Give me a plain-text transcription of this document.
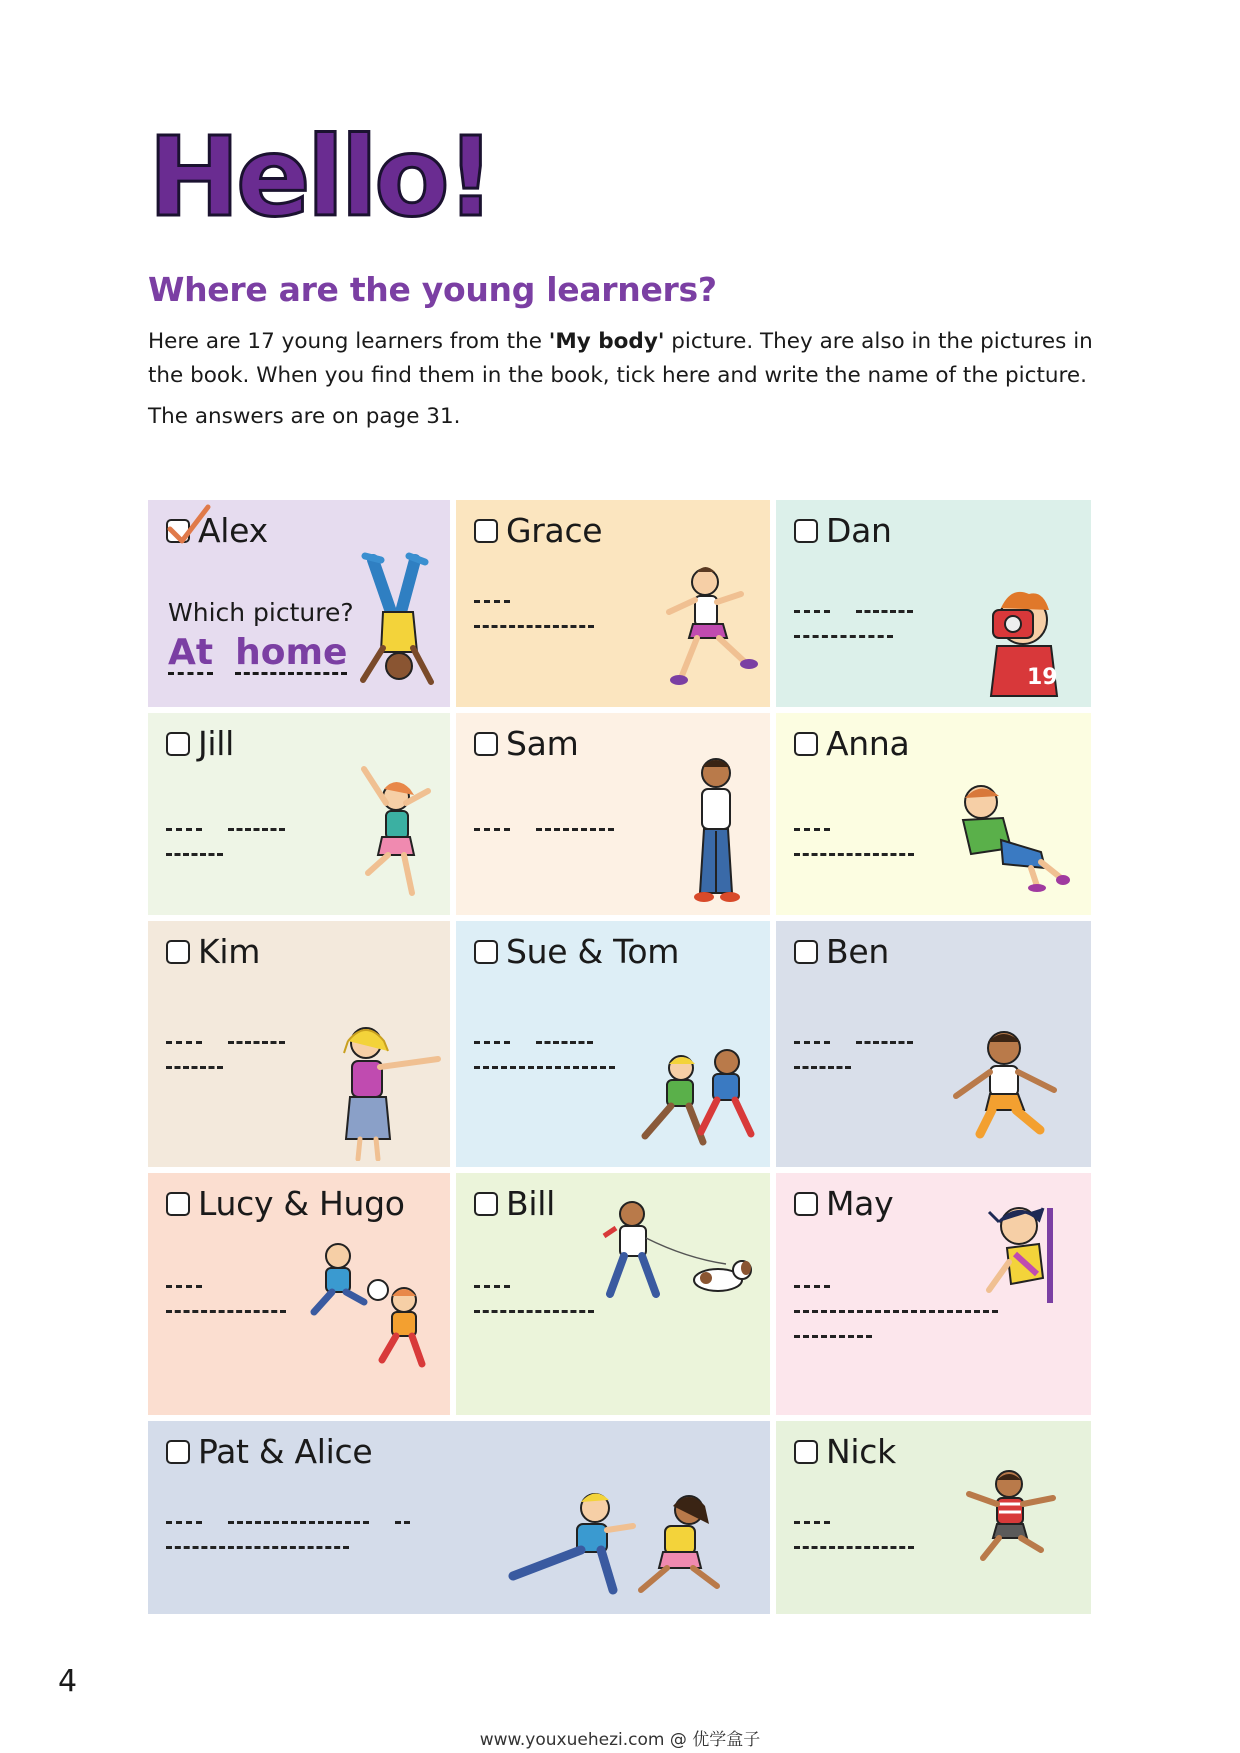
Hello!
Where are the young learners?

Here are 17 young learners from the 'My body' picture. They are also in the pictures in the book. When you find them in the book, tick here and write the name of the picture.

The answers are on page 31.

Alex
Which picture?
At home
Grace	Dan
19
Jill	Sam	Anna
Kim	Sue & Tom	Ben
Lucy & Hugo	Bill	May
Pat & Alice	Nick
4
www.youxuehezi.com @ 优学盒子
